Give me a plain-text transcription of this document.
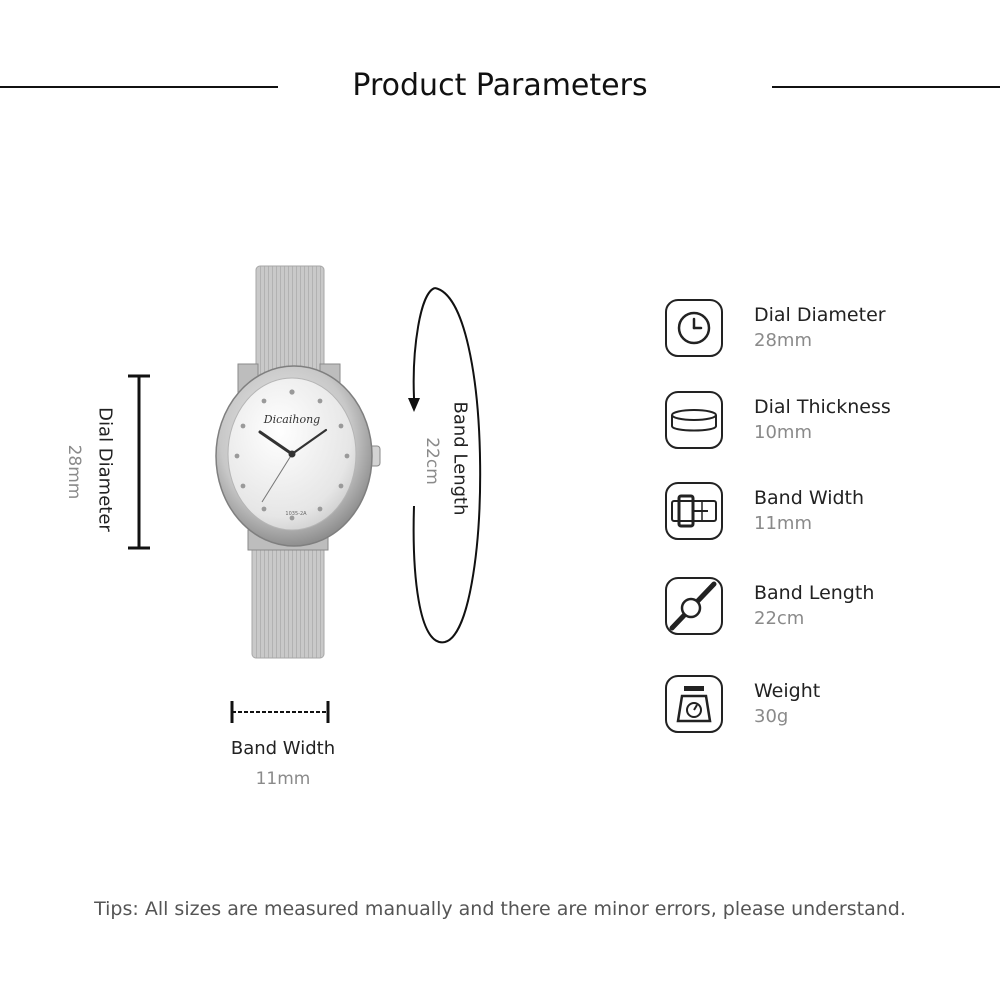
Product Parameters
Dial Diameter
28mm
Dicaihong
1035-2A	Band Length
22cm
Band Width
11mm
Dial Diameter
28mm
Dial Thickness
10mm
Band Width
11mm
Band Length
22cm
Weight
30g
Tips: All sizes are measured manually and there are minor errors, please understand.
